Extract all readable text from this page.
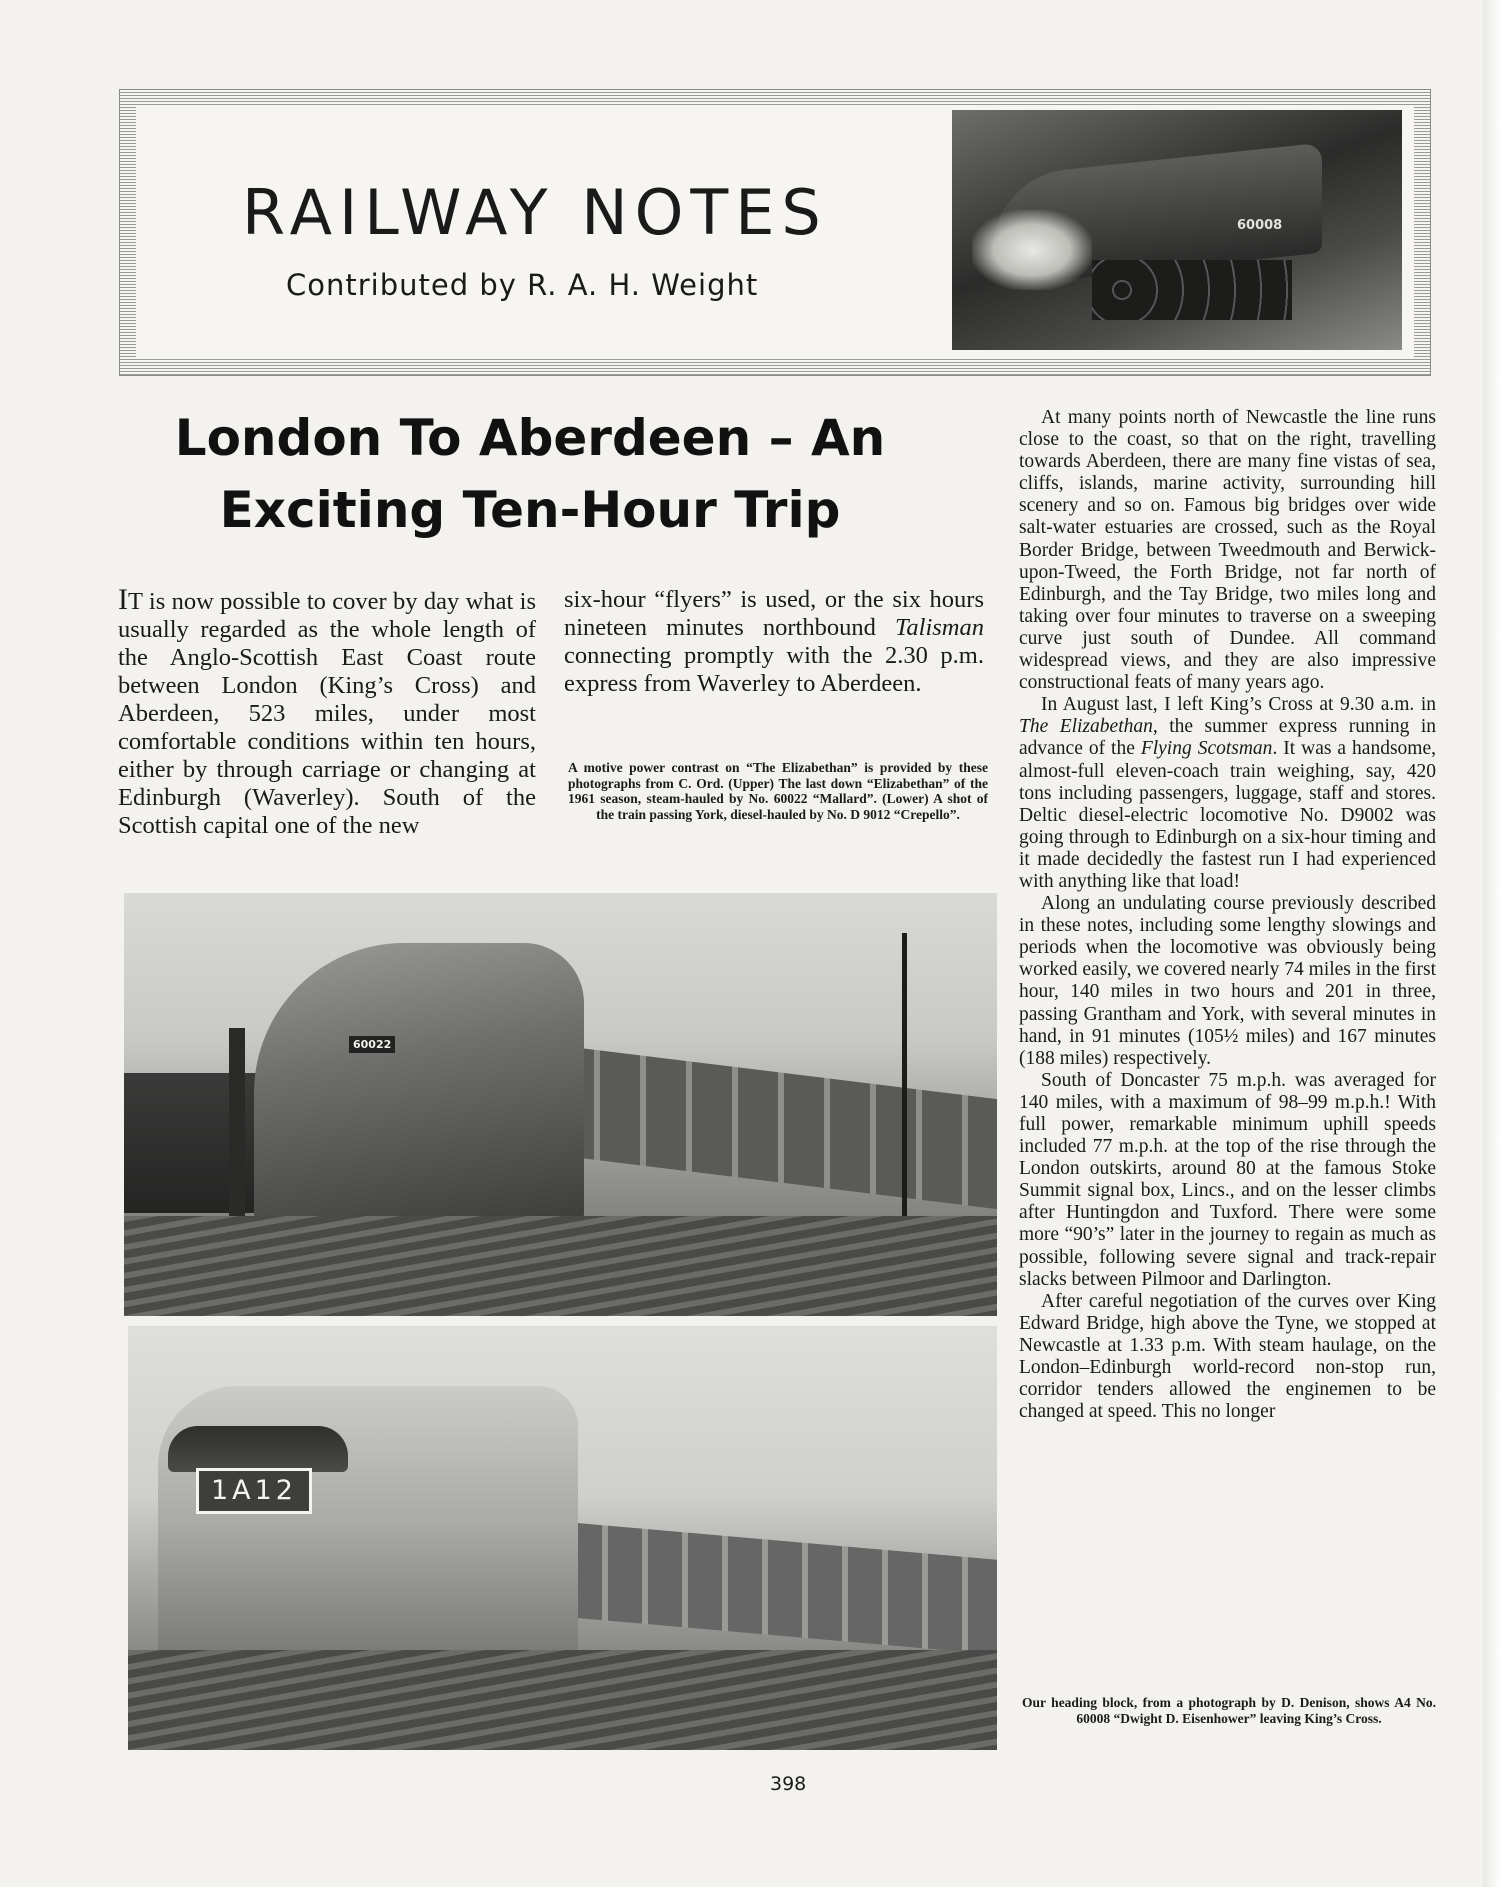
RAILWAY NOTES
Contributed by R. A. H. Weight
60008
London To Aberdeen – An
Exciting Ten-Hour Trip

IT is now possible to cover by day what is usually regarded as the whole length of the Anglo-Scottish East Coast route between London (King’s Cross) and Aberdeen, 523 miles, under most comfortable conditions within ten hours, either by through carriage or changing at Edinburgh (Waverley). South of the Scottish capital one of the new

six-hour “flyers” is used, or the six hours nineteen minutes northbound Talisman connecting promptly with the 2.30 p.m. express from Waverley to Aberdeen.

A motive power contrast on “The Elizabethan” is provided by these photographs from C. Ord. (Upper) The last down “Elizabethan” of the 1961 season, steam-hauled by No. 60022 “Mallard”. (Lower) A shot of the train passing York, diesel-hauled by No. D 9012 “Crepello”.
60022
1A12

At many points north of Newcastle the line runs close to the coast, so that on the right, travelling towards Aberdeen, there are many fine vistas of sea, cliffs, islands, marine activity, surrounding hill scenery and so on. Famous big bridges over wide salt-water estuaries are crossed, such as the Royal Border Bridge, between Tweedmouth and Berwick-upon-Tweed, the Forth Bridge, not far north of Edinburgh, and the Tay Bridge, two miles long and taking over four minutes to traverse on a sweeping curve just south of Dundee. All command widespread views, and they are also impressive constructional feats of many years ago.

In August last, I left King’s Cross at 9.30 a.m. in The Elizabethan, the summer express running in advance of the Flying Scotsman. It was a handsome, almost-full eleven-coach train weighing, say, 420 tons including passengers, luggage, staff and stores. Deltic diesel-electric locomotive No. D9002 was going through to Edinburgh on a six-hour timing and it made decidedly the fastest run I had experienced with anything like that load!

Along an undulating course previously described in these notes, including some lengthy slowings and periods when the locomotive was obviously being worked easily, we covered nearly 74 miles in the first hour, 140 miles in two hours and 201 in three, passing Grantham and York, with several minutes in hand, in 91 minutes (105½ miles) and 167 minutes (188 miles) respectively.

South of Doncaster 75 m.p.h. was averaged for 140 miles, with a maximum of 98–99 m.p.h.! With full power, remarkable minimum uphill speeds included 77 m.p.h. at the top of the rise through the London outskirts, around 80 at the famous Stoke Summit signal box, Lincs., and on the lesser climbs after Huntingdon and Tuxford. There were some more “90’s” later in the journey to regain as much as possible, following severe signal and track-repair slacks between Pilmoor and Darlington.

After careful negotiation of the curves over King Edward Bridge, high above the Tyne, we stopped at Newcastle at 1.33 p.m. With steam haulage, on the London–Edinburgh world-record non-stop run, corridor tenders allowed the enginemen to be changed at speed. This no longer

Our heading block, from a photograph by D. Denison, shows A4 No. 60008 “Dwight D. Eisenhower” leaving King’s Cross.
398
